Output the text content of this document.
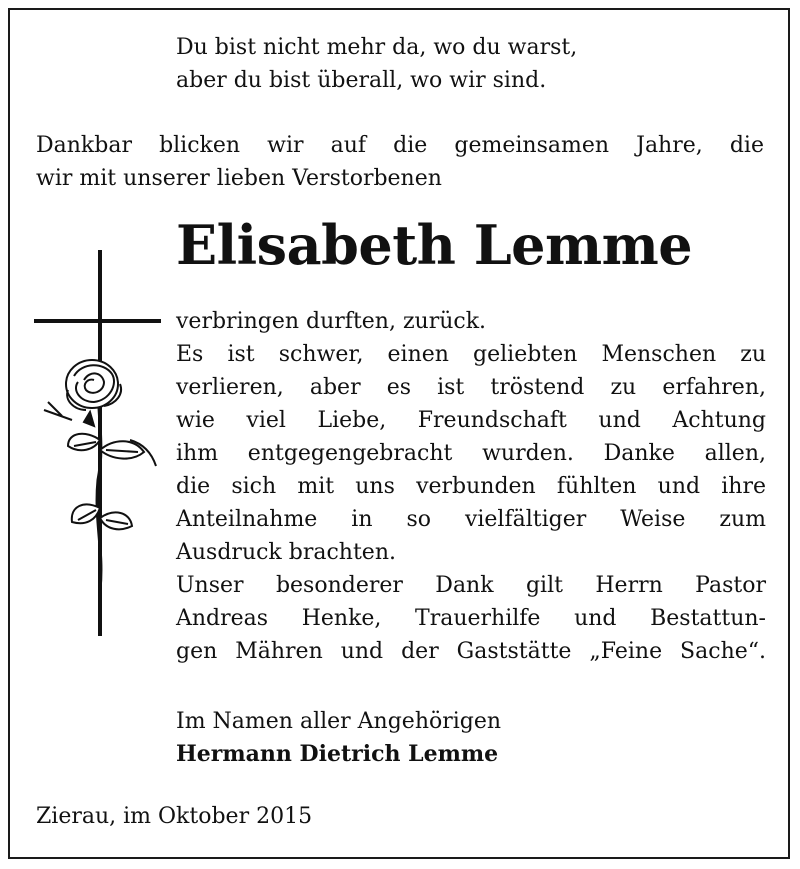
Du bist nicht mehr da, wo du warst,
aber du bist überall, wo wir sind.
Dankbar blicken wir auf die gemeinsamen Jahre, die
wir mit unserer lieben Verstorbenen
Elisabeth Lemme
verbringen durften, zurück.
Es ist schwer, einen geliebten Menschen zu
verlieren, aber es ist tröstend zu erfahren,
wie viel Liebe, Freundschaft und Achtung
ihm entgegengebracht wurden. Danke allen,
die sich mit uns verbunden fühlten und ihre
Anteilnahme in so vielfältiger Weise zum
Ausdruck brachten.
Unser besonderer Dank gilt Herrn Pastor
Andreas Henke, Trauerhilfe und Bestattun-
gen Mähren und der Gaststätte „Feine Sache“.
Im Namen aller Angehörigen
Hermann Dietrich Lemme
Zierau, im Oktober 2015
